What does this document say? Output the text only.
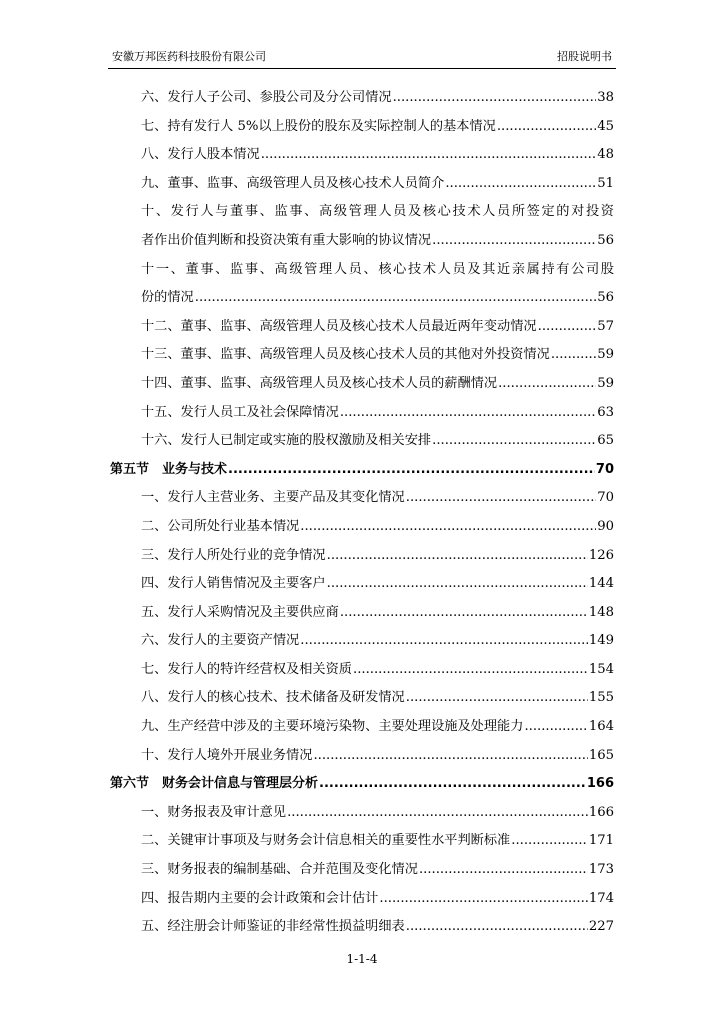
安徽万邦医药科技股份有限公司	招股说明书
六、发行人子公司、参股公司及分公司情况 .....	38
七、持有发行人 5%以上股份的股东及实际控制人的基本情况 .....	45
八、发行人股本情况 .....	48
九、董事、监事、高级管理人员及核心技术人员简介 .....	51
十、发行人与董事、监事、高级管理人员及核心技术人员所签定的对投资
者作出价值判断和投资决策有重大影响的协议情况 .....	56
十一、董事、监事、高级管理人员、核心技术人员及其近亲属持有公司股
份的情况 .....	56
十二、董事、监事、高级管理人员及核心技术人员最近两年变动情况 .....	57
十三、董事、监事、高级管理人员及核心技术人员的其他对外投资情况 .....	59
十四、董事、监事、高级管理人员及核心技术人员的薪酬情况 .....	59
十五、发行人员工及社会保障情况 .....	63
十六、发行人已制定或实施的股权激励及相关安排 .....	65
第五节　业务与技术 .....	70
一、发行人主营业务、主要产品及其变化情况 .....	70
二、公司所处行业基本情况 .....	90
三、发行人所处行业的竞争情况 .....	126
四、发行人销售情况及主要客户 .....	144
五、发行人采购情况及主要供应商 .....	148
六、发行人的主要资产情况 .....	149
七、发行人的特许经营权及相关资质 .....	154
八、发行人的核心技术、技术储备及研发情况 .....	155
九、生产经营中涉及的主要环境污染物、主要处理设施及处理能力 .....	164
十、发行人境外开展业务情况 .....	165
第六节　财务会计信息与管理层分析 .....	166
一、财务报表及审计意见 .....	166
二、关键审计事项及与财务会计信息相关的重要性水平判断标准 .....	171
三、财务报表的编制基础、合并范围及变化情况 .....	173
四、报告期内主要的会计政策和会计估计 .....	174
五、经注册会计师鉴证的非经常性损益明细表 .....	227
1-1-4
